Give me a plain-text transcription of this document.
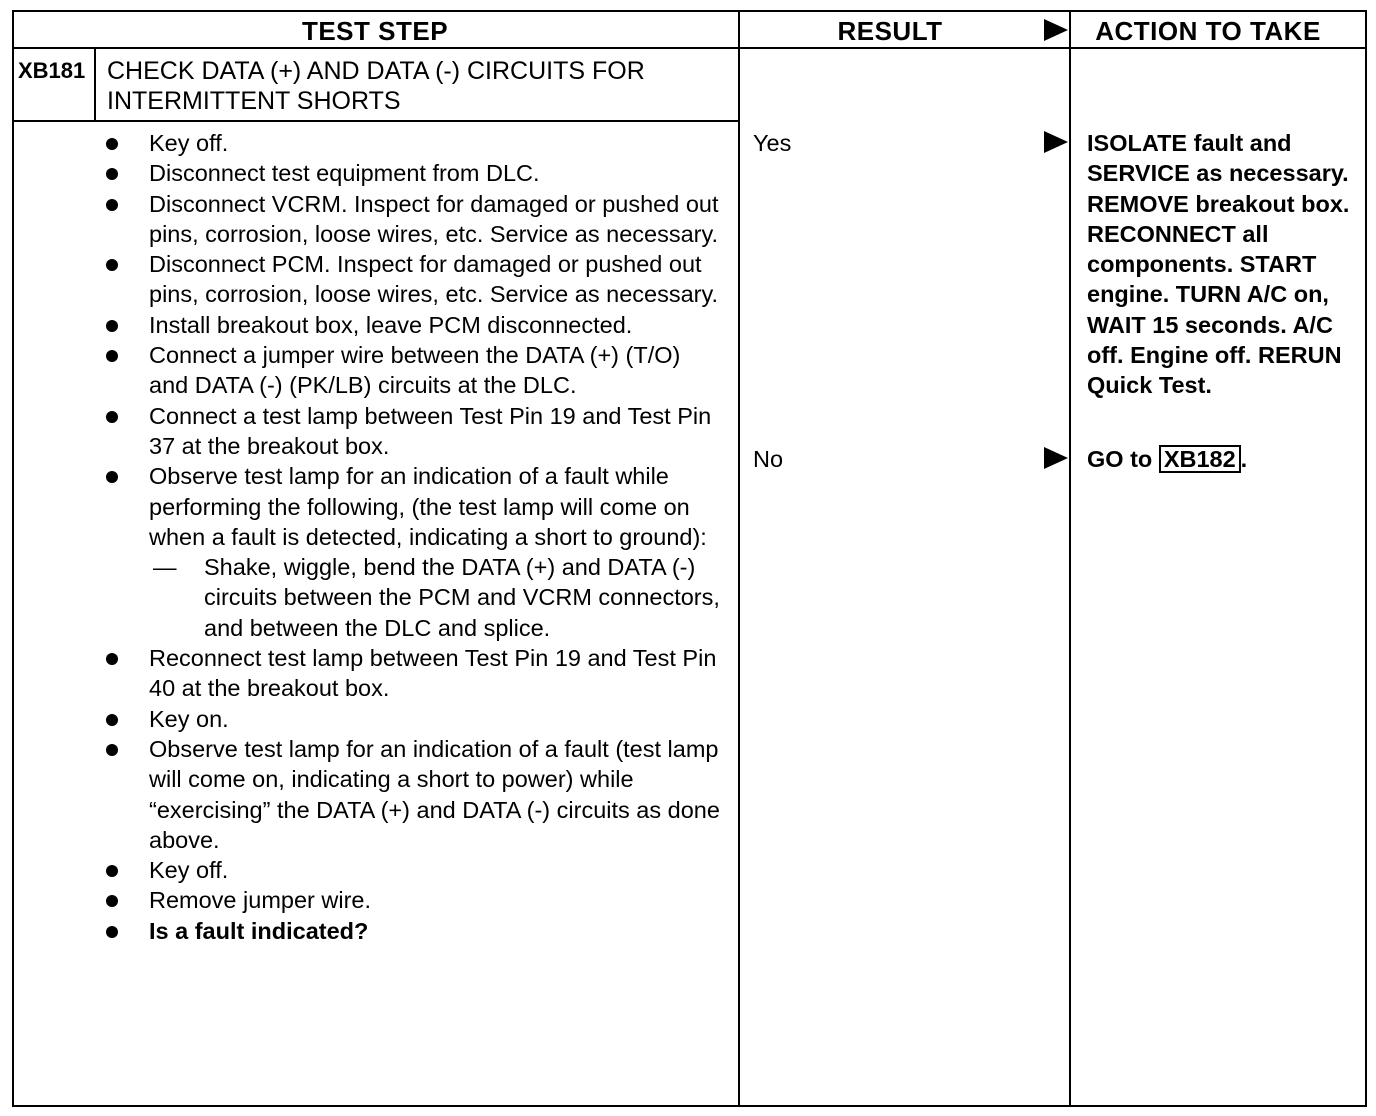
TEST STEP	RESULT	ACTION TO TAKE
XB181 CHECK DATA (+) AND DATA (-) CIRCUITS FOR INTERMITTENT SHORTS
Key off.
Disconnect test equipment from DLC.
Disconnect VCRM. Inspect for damaged or pushed out pins, corrosion, loose wires, etc. Service as necessary.
Disconnect PCM. Inspect for damaged or pushed out pins, corrosion, loose wires, etc. Service as necessary.
Install breakout box, leave PCM disconnected.
Connect a jumper wire between the DATA (+) (T/O) and DATA (-) (PK/LB) circuits at the DLC.
Connect a test lamp between Test Pin 19 and Test Pin 37 at the breakout box.
Observe test lamp for an indication of a fault while performing the following, (the test lamp will come on when a fault is detected, indicating a short to ground):
— Shake, wiggle, bend the DATA (+) and DATA (-) circuits between the PCM and VCRM connectors, and between the DLC and splice.
Reconnect test lamp between Test Pin 19 and Test Pin 40 at the breakout box.
Key on.
Observe test lamp for an indication of a fault (test lamp will come on, indicating a short to power) while “exercising” the DATA (+) and DATA (-) circuits as done above.
Key off.
Remove jumper wire.
Is a fault indicated?
Yes
No
ISOLATE fault and SERVICE as necessary. REMOVE breakout box. RECONNECT all components. START engine. TURN A/C on, WAIT 15 seconds. A/C off. Engine off. RERUN Quick Test.
GO to XB182 .
